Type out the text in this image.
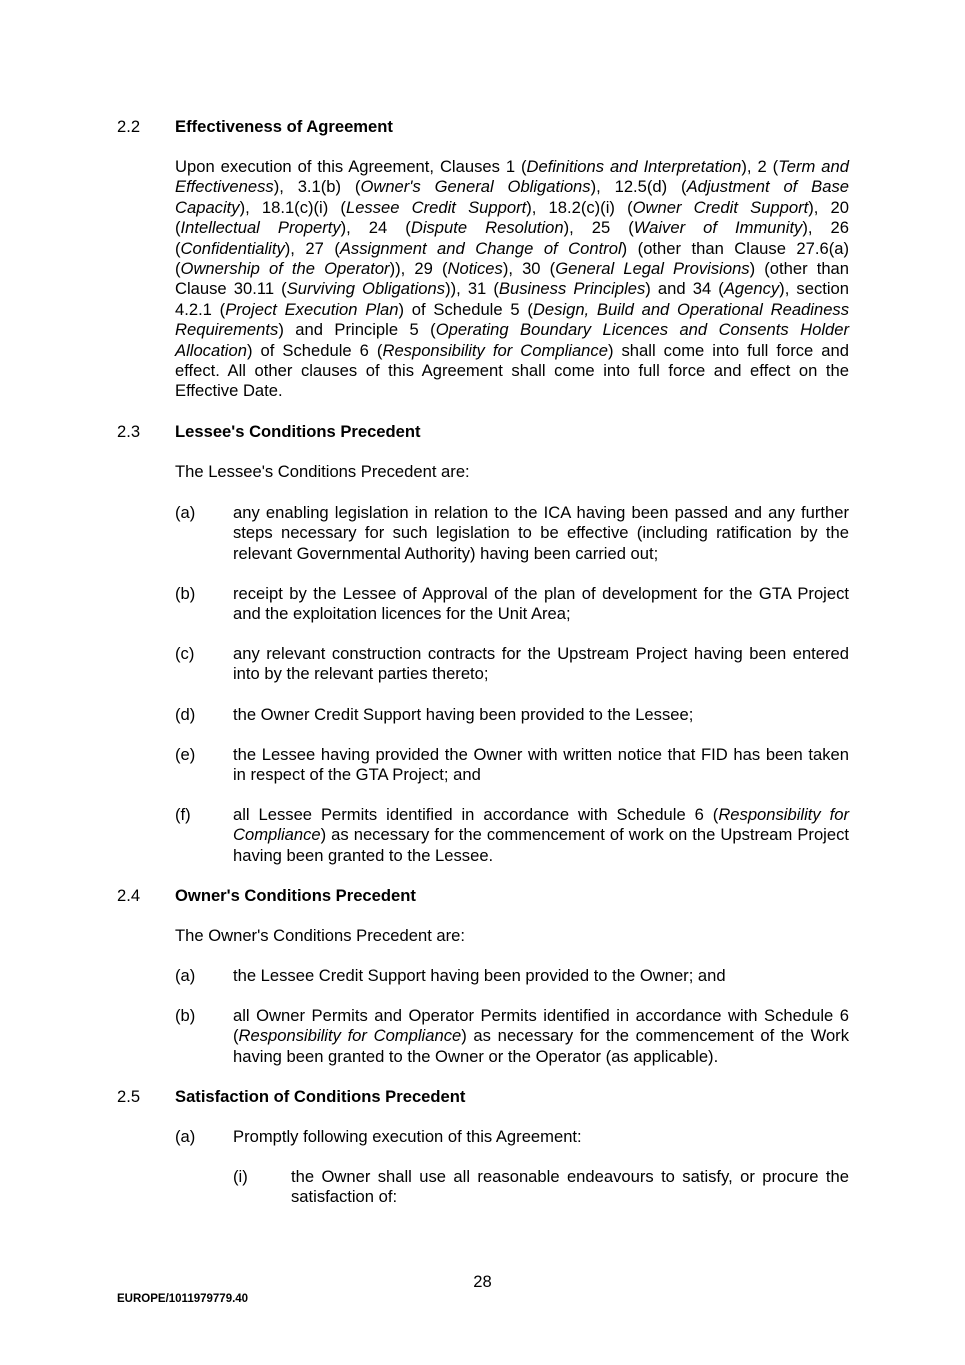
2.2 Effectiveness of Agreement
Upon execution of this Agreement, Clauses 1 (Definitions and Interpretation), 2 (Term and Effectiveness), 3.1(b) (Owner's General Obligations), 12.5(d) (Adjustment of Base Capacity), 18.1(c)(i) (Lessee Credit Support), 18.2(c)(i) (Owner Credit Support), 20 (Intellectual Property), 24 (Dispute Resolution), 25 (Waiver of Immunity), 26 (Confidentiality), 27 (Assignment and Change of Control) (other than Clause 27.6(a) (Ownership of the Operator)), 29 (Notices), 30 (General Legal Provisions) (other than Clause 30.11 (Surviving Obligations)), 31 (Business Principles) and 34 (Agency), section 4.2.1 (Project Execution Plan) of Schedule 5 (Design, Build and Operational Readiness Requirements) and Principle 5 (Operating Boundary Licences and Consents Holder Allocation) of Schedule 6 (Responsibility for Compliance) shall come into full force and effect. All other clauses of this Agreement shall come into full force and effect on the Effective Date.
2.3 Lessee's Conditions Precedent
The Lessee's Conditions Precedent are:
(a) any enabling legislation in relation to the ICA having been passed and any further steps necessary for such legislation to be effective (including ratification by the relevant Governmental Authority) having been carried out;
(b) receipt by the Lessee of Approval of the plan of development for the GTA Project and the exploitation licences for the Unit Area;
(c) any relevant construction contracts for the Upstream Project having been entered into by the relevant parties thereto;
(d) the Owner Credit Support having been provided to the Lessee;
(e) the Lessee having provided the Owner with written notice that FID has been taken in respect of the GTA Project; and
(f)	all Lessee Permits identified in accordance with Schedule 6 (Responsibility for Compliance) as necessary for the commencement of work on the Upstream Project having been granted to the Lessee.
2.4 Owner's Conditions Precedent
The Owner's Conditions Precedent are:
(a) the Lessee Credit Support having been provided to the Owner; and
(b) all Owner Permits and Operator Permits identified in accordance with Schedule 6 (Responsibility for Compliance) as necessary for the commencement of the Work having been granted to the Owner or the Operator (as applicable).
2.5 Satisfaction of Conditions Precedent
(a) Promptly following execution of this Agreement:
(i)	the Owner shall use all reasonable endeavours to satisfy, or procure the satisfaction of:
28
EUROPE/1011979779.40
